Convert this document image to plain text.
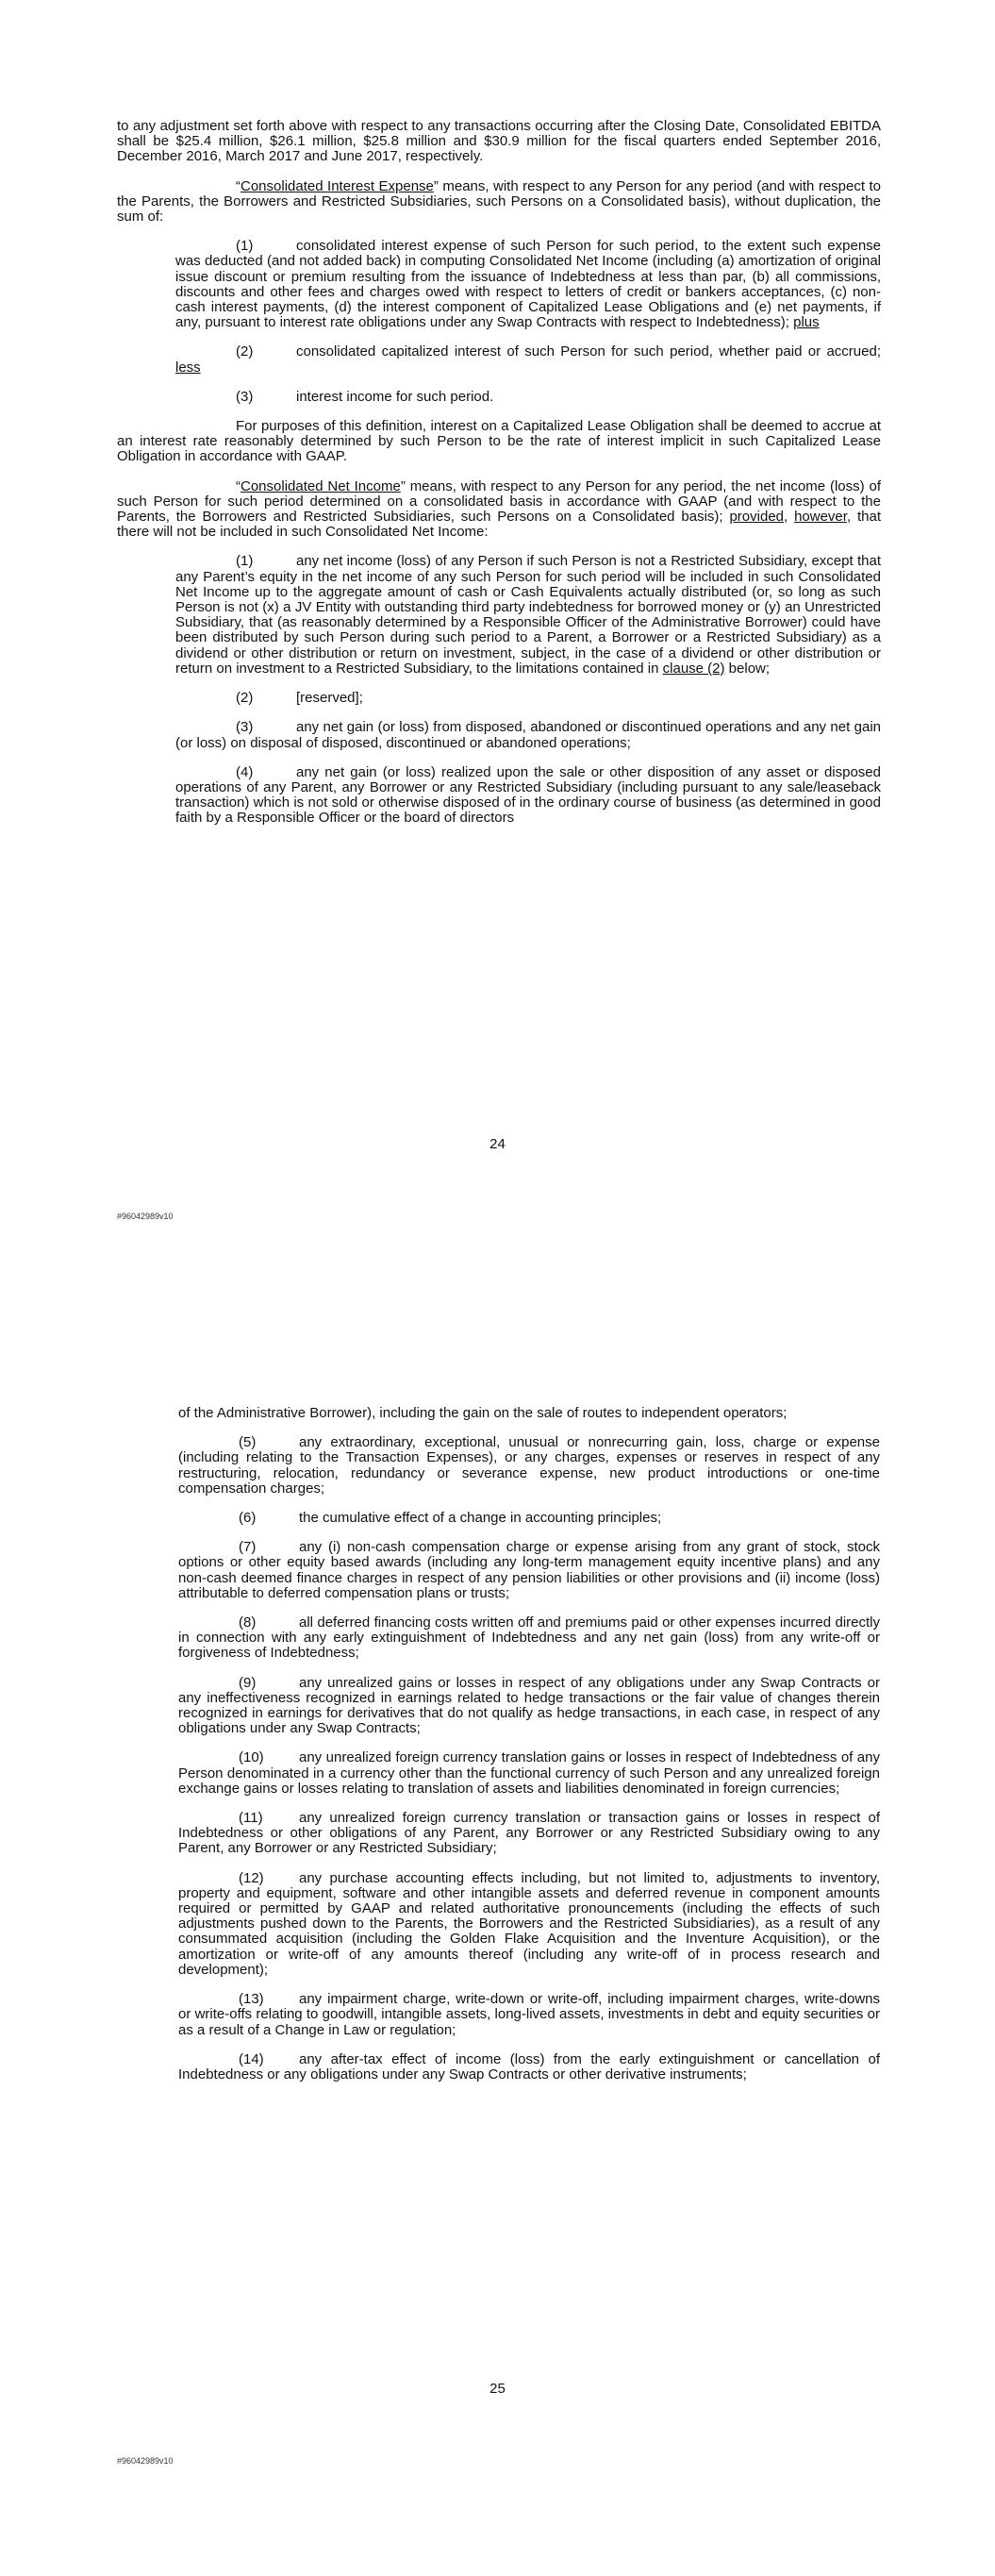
to any adjustment set forth above with respect to any transactions occurring after the Closing Date, Consolidated EBITDA shall be $25.4 million, $26.1 million, $25.8 million and $30.9 million for the fiscal quarters ended September 2016, December 2016, March 2017 and June 2017, respectively.

“Consolidated Interest Expense” means, with respect to any Person for any period (and with respect to the Parents, the Borrowers and Restricted Subsidiaries, such Persons on a Consolidated basis), without duplication, the sum of:

(1)	consolidated interest expense of such Person for such period, to the extent such expense was deducted (and not added back) in computing Consolidated Net Income (including (a) amortization of original issue discount or premium resulting from the issuance of Indebtedness at less than par, (b) all commissions, discounts and other fees and charges owed with respect to letters of credit or bankers acceptances, (c) non-cash interest payments, (d) the interest component of Capitalized Lease Obligations and (e) net payments, if any, pursuant to interest rate obligations under any Swap Contracts with respect to Indebtedness); plus

(2)	consolidated capitalized interest of such Person for such period, whether paid or accrued; less

(3)	interest income for such period.

For purposes of this definition, interest on a Capitalized Lease Obligation shall be deemed to accrue at an interest rate reasonably determined by such Person to be the rate of interest implicit in such Capitalized Lease Obligation in accordance with GAAP.

“Consolidated Net Income” means, with respect to any Person for any period, the net income (loss) of such Person for such period determined on a consolidated basis in accordance with GAAP (and with respect to the Parents, the Borrowers and Restricted Subsidiaries, such Persons on a Consolidated basis); provided, however, that there will not be included in such Consolidated Net Income:

(1)	any net income (loss) of any Person if such Person is not a Restricted Subsidiary, except that any Parent’s equity in the net income of any such Person for such period will be included in such Consolidated Net Income up to the aggregate amount of cash or Cash Equivalents actually distributed (or, so long as such Person is not (x) a JV Entity with outstanding third party indebtedness for borrowed money or (y) an Unrestricted Subsidiary, that (as reasonably determined by a Responsible Officer of the Administrative Borrower) could have been distributed by such Person during such period to a Parent, a Borrower or a Restricted Subsidiary) as a dividend or other distribution or return on investment, subject, in the case of a dividend or other distribution or return on investment to a Restricted Subsidiary, to the limitations contained in clause (2) below;

(2)	[reserved];

(3)	any net gain (or loss) from disposed, abandoned or discontinued operations and any net gain (or loss) on disposal of disposed, discontinued or abandoned operations;

(4)	any net gain (or loss) realized upon the sale or other disposition of any asset or disposed operations of any Parent, any Borrower or any Restricted Subsidiary (including pursuant to any sale/leaseback transaction) which is not sold or otherwise disposed of in the ordinary course of business (as determined in good faith by a Responsible Officer or the board of directors

24
#96042989v10

of the Administrative Borrower), including the gain on the sale of routes to independent operators;

(5)	any extraordinary, exceptional, unusual or nonrecurring gain, loss, charge or expense (including relating to the Transaction Expenses), or any charges, expenses or reserves in respect of any restructuring, relocation, redundancy or severance expense, new product introductions or one-time compensation charges;

(6)	the cumulative effect of a change in accounting principles;

(7)	any (i) non-cash compensation charge or expense arising from any grant of stock, stock options or other equity based awards (including any long-term management equity incentive plans) and any non-cash deemed finance charges in respect of any pension liabilities or other provisions and (ii) income (loss) attributable to deferred compensation plans or trusts;

(8)	all deferred financing costs written off and premiums paid or other expenses incurred directly in connection with any early extinguishment of Indebtedness and any net gain (loss) from any write-off or forgiveness of Indebtedness;

(9)	any unrealized gains or losses in respect of any obligations under any Swap Contracts or any ineffectiveness recognized in earnings related to hedge transactions or the fair value of changes therein recognized in earnings for derivatives that do not qualify as hedge transactions, in each case, in respect of any obligations under any Swap Contracts;

(10) any unrealized foreign currency translation gains or losses in respect of Indebtedness of any Person denominated in a currency other than the functional currency of such Person and any unrealized foreign exchange gains or losses relating to translation of assets and liabilities denominated in foreign currencies;

(11)	any unrealized foreign currency translation or transaction gains or losses in respect of Indebtedness or other obligations of any Parent, any Borrower or any Restricted Subsidiary owing to any Parent, any Borrower or any Restricted Subsidiary;

(12) any purchase accounting effects including, but not limited to, adjustments to inventory, property and equipment, software and other intangible assets and deferred revenue in component amounts required or permitted by GAAP and related authoritative pronouncements (including the effects of such adjustments pushed down to the Parents, the Borrowers and the Restricted Subsidiaries), as a result of any consummated acquisition (including the Golden Flake Acquisition and the Inventure Acquisition), or the amortization or write-off of any amounts thereof (including any write-off of in process research and development);

(13) any impairment charge, write-down or write-off, including impairment charges, write-downs or write-offs relating to goodwill, intangible assets, long-lived assets, investments in debt and equity securities or as a result of a Change in Law or regulation;

(14) any after-tax effect of income (loss) from the early extinguishment or cancellation of Indebtedness or any obligations under any Swap Contracts or other derivative instruments;

25
#96042989v10
